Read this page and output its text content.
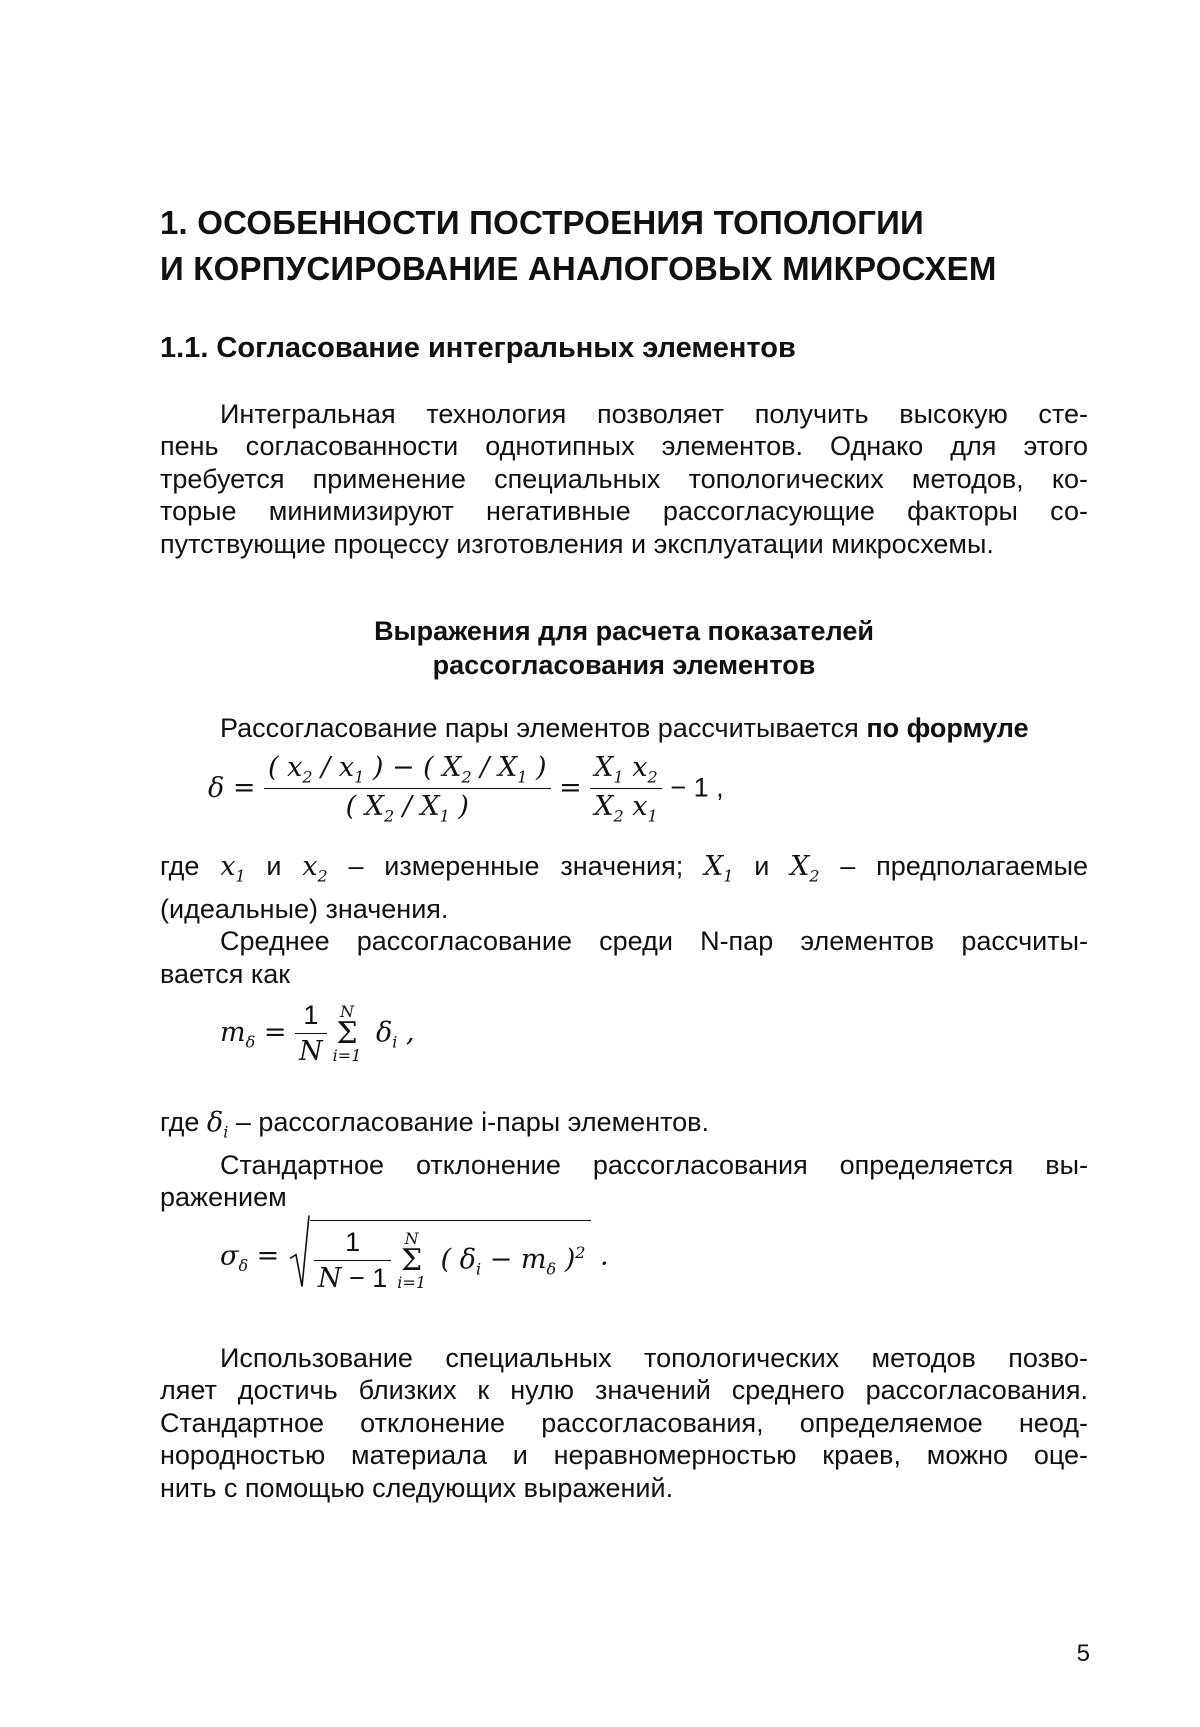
1. ОСОБЕННОСТИ ПОСТРОЕНИЯ ТОПОЛОГИИ
И КОРПУСИРОВАНИЕ АНАЛОГОВЫХ МИКРОСХЕМ
1.1. Согласование интегральных элементов
Интегральная технология позволяет получить высокую сте-
пень согласованности однотипных элементов. Однако для этого
требуется применение специальных топологических методов, ко-
торые минимизируют негативные рассогласующие факторы со-
путствующие процессу изготовления и эксплуатации микросхемы.
Выражения для расчета показателей
рассогласования элементов
Рассогласование пары элементов рассчитывается по формуле
$\delta = \frac{( x_2 / x_1 ) - ( X_2 / X_1 )}{( X_2 / X_1 )} = \frac{X_1 x_2}{X_2 x_1} - 1$ ,
где $x_1$ и $x_2$ – измеренные значения; $X_1$ и $X_2$ – предполагаемые
(идеальные) значения.
Среднее рассогласование среди N-пар элементов рассчиты-
вается как
$m_\delta = \frac{1}{N}$ N
Σ
i=1 $\delta_i$ ,
где $\delta_i$ – рассогласование i-пары элементов.
Стандартное отклонение рассогласования определяется вы-
ражением
$\sigma_\delta = \frac{1}{N - 1}$ N
Σ
i=1 ( $\delta_i - m_\delta$ )$^2$ .
Использование специальных топологических методов позво-
ляет достичь близких к нулю значений среднего рассогласования.
Стандартное отклонение рассогласования, определяемое неод-
нородностью материала и неравномерностью краев, можно оце-
нить с помощью следующих выражений.
5
